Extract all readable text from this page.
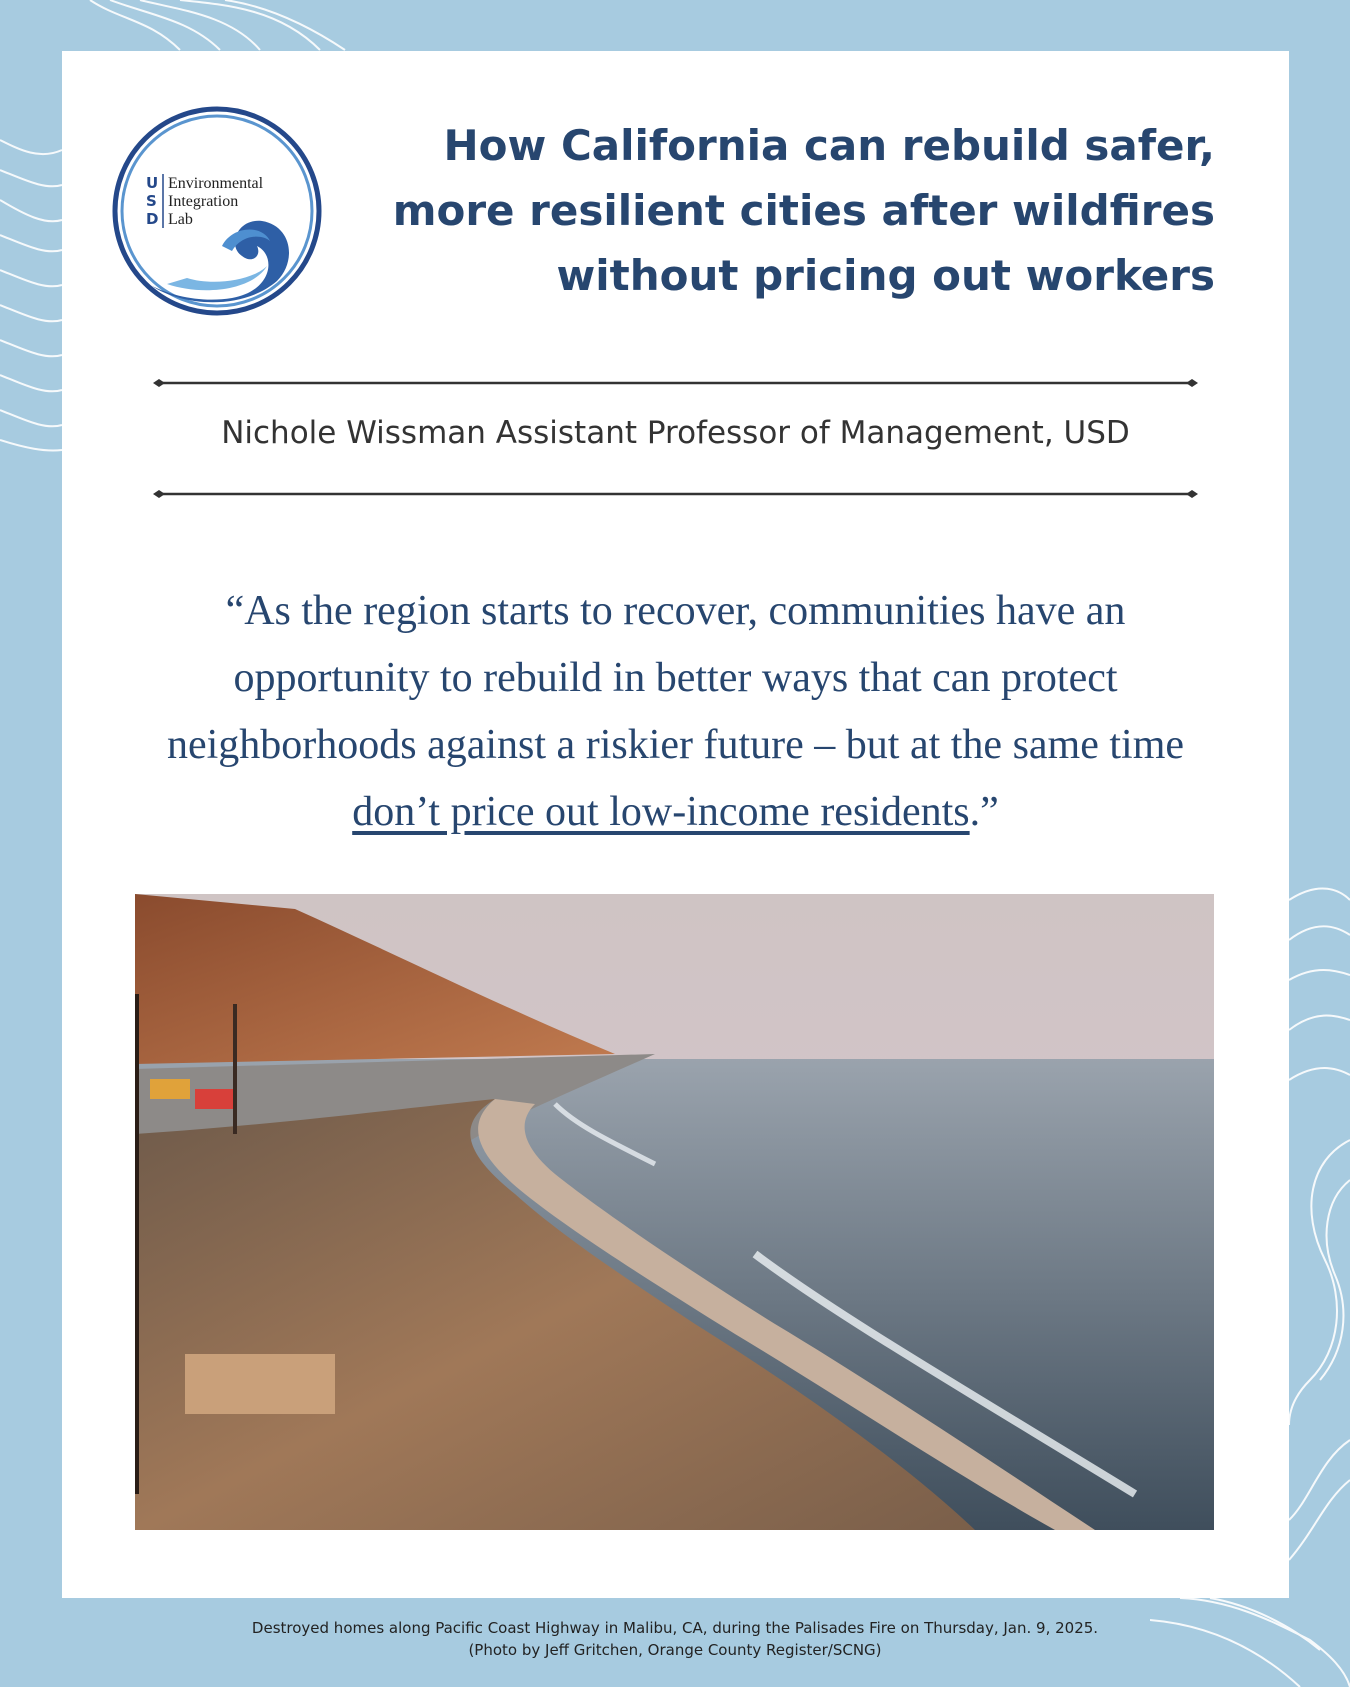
U
S
D
Environmental
Integration
Lab
How California can rebuild safer,
more resilient cities after wildfires
without pricing out workers

Nichole Wissman Assistant Professor of Management, USD

“As the region starts to recover, communities have an opportunity to rebuild in better ways that can protect neighborhoods against a riskier future – but at the same time don’t price out low-income residents.”

Destroyed homes along Pacific Coast Highway in Malibu, CA, during the Palisades Fire on Thursday, Jan. 9, 2025.
(Photo by Jeff Gritchen, Orange County Register/SCNG)
